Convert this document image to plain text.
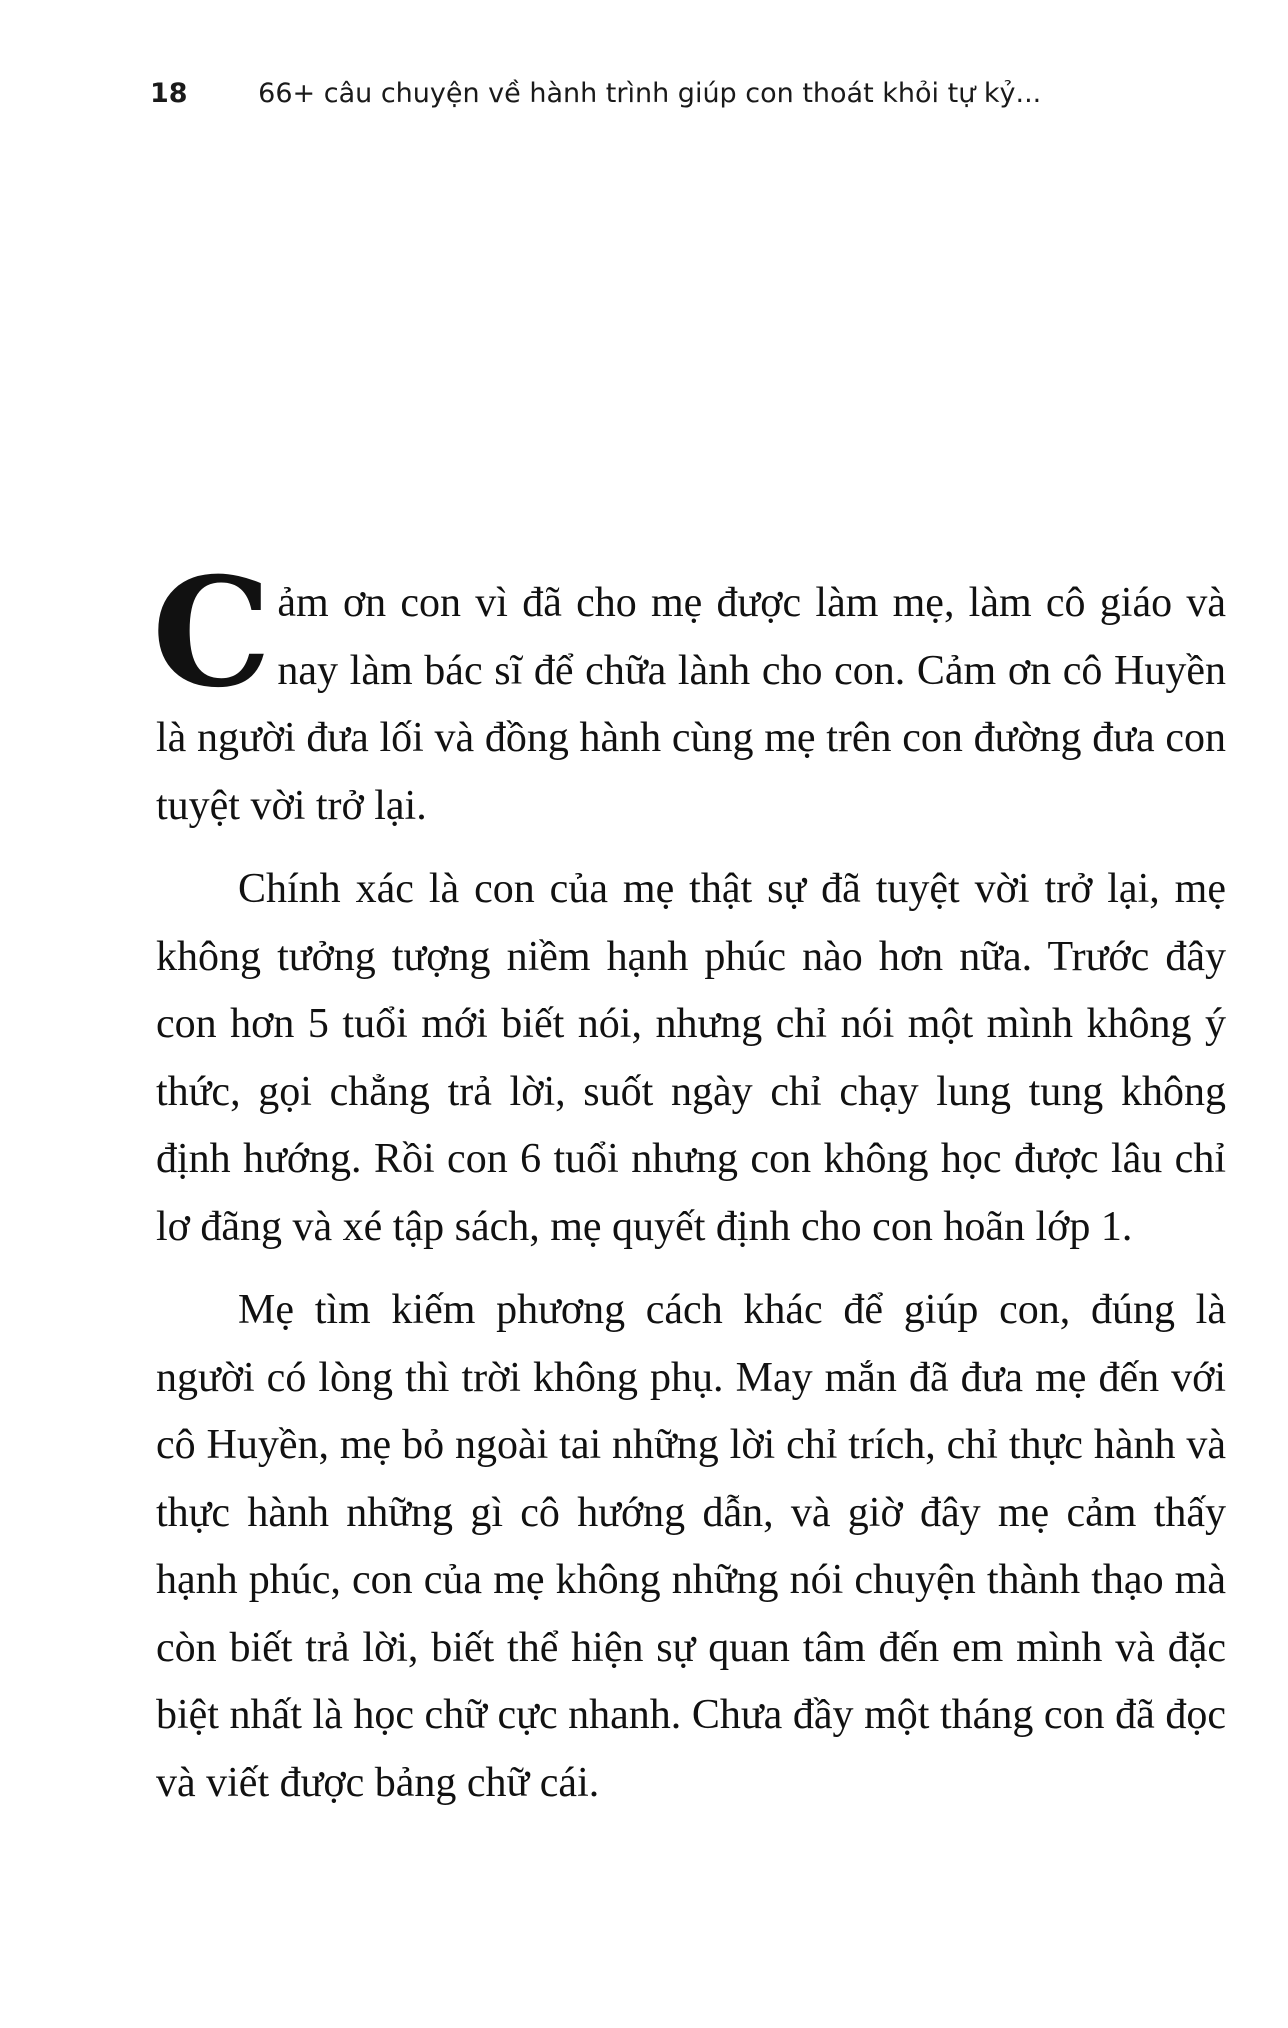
18	66+ câu chuyện về hành trình giúp con thoát khỏi tự kỷ...

C ảm ơn con vì đã cho mẹ được làm mẹ, làm cô giáo và nay làm bác sĩ để chữa lành cho con. Cảm ơn cô Huyền là người đưa lối và đồng hành cùng mẹ trên con đường đưa con tuyệt vời trở lại.

Chính xác là con của mẹ thật sự đã tuyệt vời trở lại, mẹ không tưởng tượng niềm hạnh phúc nào hơn nữa. Trước đây con hơn 5 tuổi mới biết nói, nhưng chỉ nói một mình không ý thức, gọi chẳng trả lời, suốt ngày chỉ chạy lung tung không định hướng. Rồi con 6 tuổi nhưng con không học được lâu chỉ lơ đãng và xé tập sách, mẹ quyết định cho con hoãn lớp 1.

Mẹ tìm kiếm phương cách khác để giúp con, đúng là người có lòng thì trời không phụ. May mắn đã đưa mẹ đến với cô Huyền, mẹ bỏ ngoài tai những lời chỉ trích, chỉ thực hành và thực hành những gì cô hướng dẫn, và giờ đây mẹ cảm thấy hạnh phúc, con của mẹ không những nói chuyện thành thạo mà còn biết trả lời, biết thể hiện sự quan tâm đến em mình và đặc biệt nhất là học chữ cực nhanh. Chưa đầy một tháng con đã đọc và viết được bảng chữ cái.
